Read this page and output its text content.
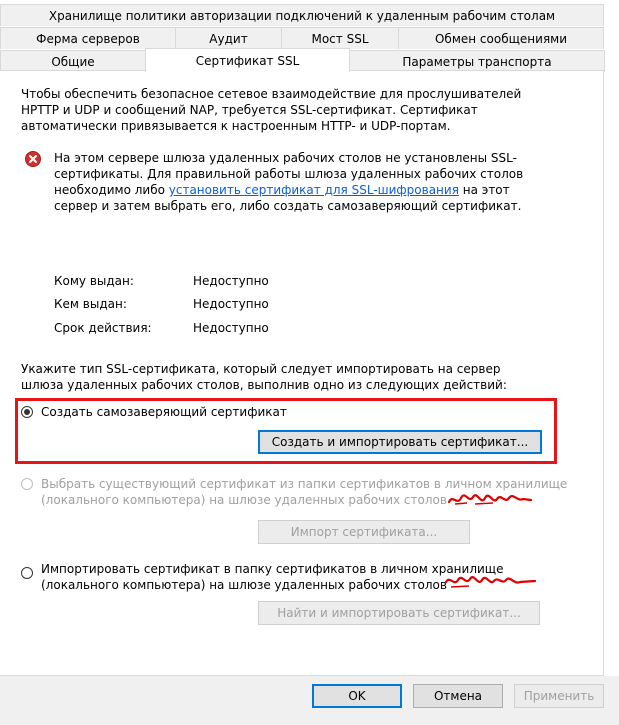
Хранилище политики авторизации подключений к удаленным рабочим столам
Ферма серверов	Аудит	Мост SSL	Обмен сообщениями
Общие	Сертификат SSL	Параметры транспорта
Чтобы обеспечить безопасное сетевое взаимодействие для прослушивателей
HPTTP и UDP и сообщений NAP, требуется SSL-сертификат. Сертификат
автоматически привязывается к настроенным HTTP- и UDP-портам.
На этом сервере шлюза удаленных рабочих столов не установлены SSL-
сертификаты. Для правильной работы шлюза удаленных рабочих столов
необходимо либо установить сертификат для SSL-шифрования на этот
сервер и затем выбрать его, либо создать самозаверяющий сертификат.
Кому выдан:	Недоступно
Кем выдан:	Недоступно
Срок действия:	Недоступно
Укажите тип SSL-сертификата, который следует импортировать на сервер
шлюза удаленных рабочих столов, выполнив одно из следующих действий:
Создать самозаверяющий сертификат
Создать и импортировать сертификат...
Выбрать существующий сертификат из папки сертификатов в личном хранилище
(локального компьютера) на шлюзе удаленных рабочих столов
Импорт сертификата...
Импортировать сертификат в папку сертификатов в личном хранилище
(локального компьютера) на шлюзе удаленных рабочих столов
Найти и импортировать сертификат...
OK	Отмена	Применить
